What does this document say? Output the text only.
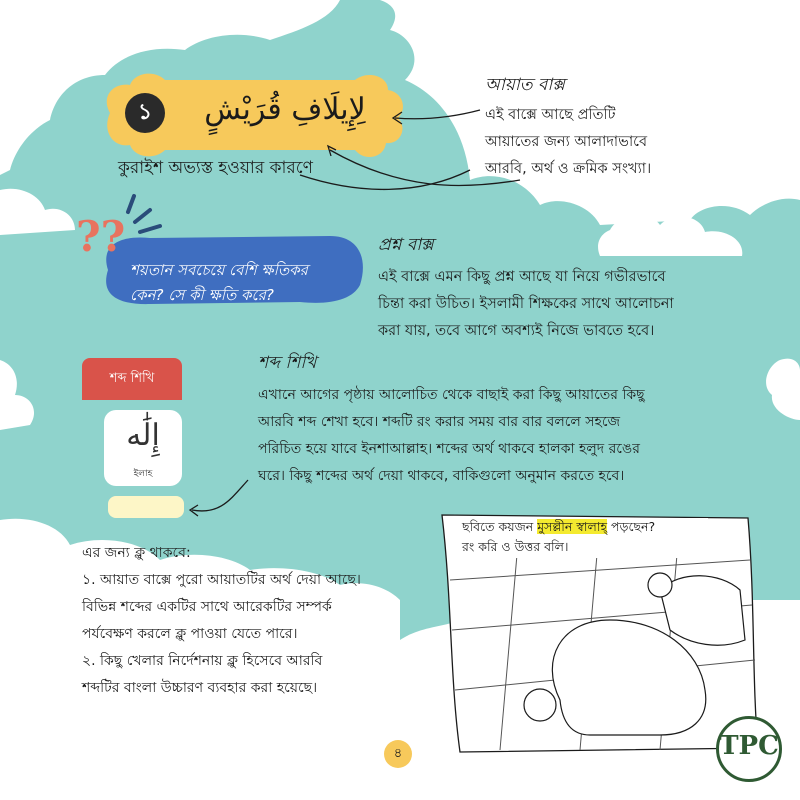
১	لِإِيلَافِ قُرَيْشٍ
কুরাইশ অভ্যস্ত হওয়ার কারণে
আয়াত বাক্স
এই বাক্সে আছে প্রতিটি
আয়াতের জন্য আলাদাভাবে
আরবি, অর্থ ও ক্রমিক সংখ্যা।
??
শয়তান সবচেয়ে বেশি ক্ষতিকর
কেন? সে কী ক্ষতি করে?
প্রশ্ন বাক্স
এই বাক্সে এমন কিছু প্রশ্ন আছে যা নিয়ে গভীরভাবে
চিন্তা করা উচিত। ইসলামী শিক্ষকের সাথে আলোচনা
করা যায়, তবে আগে অবশ্যই নিজে ভাবতে হবে।
শব্দ শিখি
إِلَٰه
ইলাহ
শব্দ শিখি
এখানে আগের পৃষ্ঠায় আলোচিত থেকে বাছাই করা কিছু আয়াতের কিছু
আরবি শব্দ শেখা হবে। শব্দটি রং করার সময় বার বার বললে সহজে
পরিচিত হয়ে যাবে ইনশাআল্লাহ। শব্দের অর্থ থাকবে হালকা হলুদ রঙের
ঘরে। কিছু শব্দের অর্থ দেয়া থাকবে, বাকিগুলো অনুমান করতে হবে।
এর জন্য ক্লু থাকবে:
১. আয়াত বাক্সে পুরো আয়াতটির অর্থ দেয়া আছে।
বিভিন্ন শব্দের একটির সাথে আরেকটির সম্পর্ক
পর্যবেক্ষণ করলে ক্লু পাওয়া যেতে পারে।
২. কিছু খেলার নির্দেশনায় ক্লু হিসেবে আরবি
শব্দটির বাংলা উচ্চারণ ব্যবহার করা হয়েছে।
ছবিতে কয়জন মুসল্লীন স্বালাহ্‌ পড়ছেন?
রং করি ও উত্তর বলি।
৪	TPC
